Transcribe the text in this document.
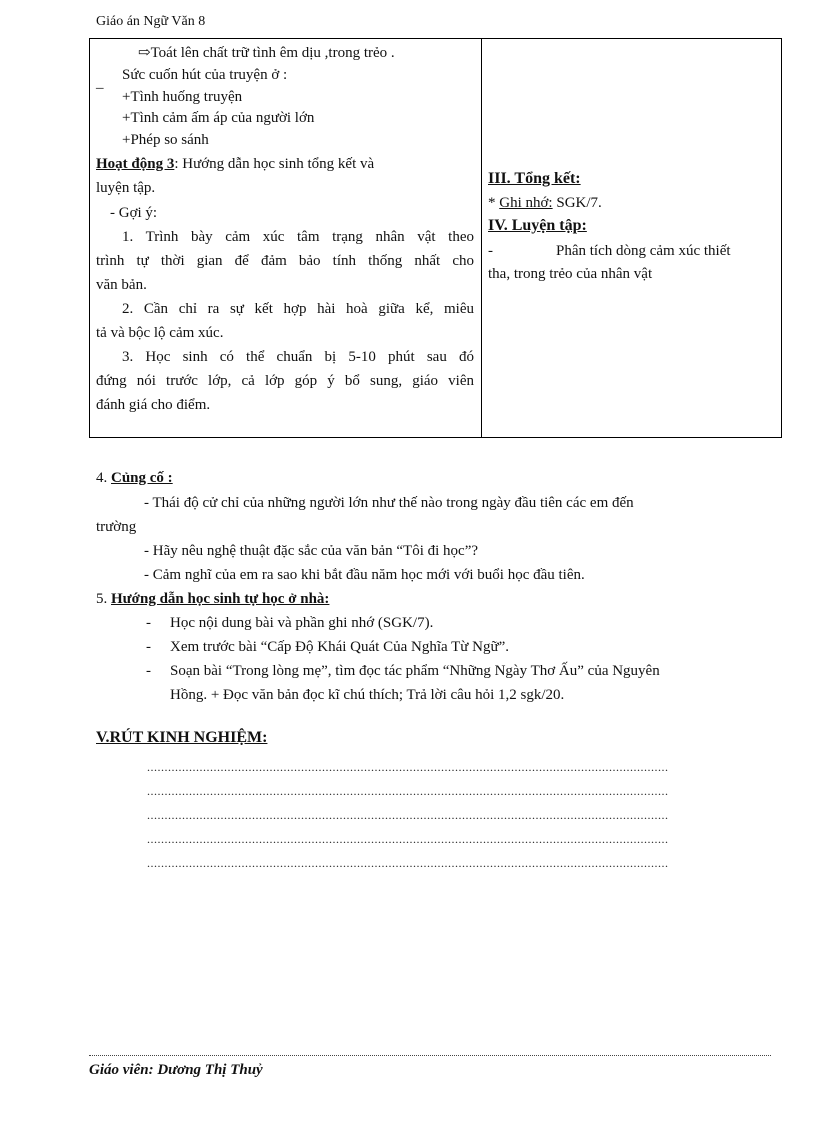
Giáo án Ngữ Văn 8
⇨Toát lên chất trữ tình êm dịu ,trong trẻo .
_ Sức cuốn hút của truyện ở :
+Tình huống truyện
+Tình cảm ấm áp của người lớn
+Phép so sánh
Hoạt động 3: Hướng dẫn học sinh tổng kết và
luyện tập.
- Gợi ý:
1. Trình bày cảm xúc tâm trạng nhân vật theo
trình tự thời gian để đảm bảo tính thống nhất cho
văn bản.
2. Cần chỉ ra sự kết hợp hài hoà giữa kể, miêu
tả và bộc lộ cảm xúc.
3. Học sinh có thể chuẩn bị 5-10 phút sau đó
đứng nói trước lớp, cả lớp góp ý bổ sung, giáo viên
đánh giá cho điểm.

III. Tổng kết:
* Ghi nhớ: SGK/7.
IV. Luyện tập:
-	Phân tích dòng cảm xúc thiết
tha, trong trẻo của nhân vật
4. Củng cố :
- Thái độ cử chỉ của những người lớn như thế nào trong ngày đầu tiên các em đến
trường
- Hãy nêu nghệ thuật đặc sắc của văn bản “Tôi đi học”?
- Cảm nghĩ của em ra sao khi bắt đầu năm học mới với buổi học đầu tiên.
5. Hướng dẫn học sinh tự học ở nhà:
- Học nội dung bài và phần ghi nhớ (SGK/7).
- Xem trước bài “Cấp Độ Khái Quát Của Nghĩa Từ Ngữ”.
- Soạn bài “Trong lòng mẹ”, tìm đọc tác phẩm “Những Ngày Thơ Ấu” của Nguyên
Hồng. + Đọc văn bản đọc kĩ chú thích; Trả lời câu hỏi 1,2 sgk/20.
V.RÚT KINH NGHIỆM:
.....................................................................................................................................................
.....................................................................................................................................................
.....................................................................................................................................................
.....................................................................................................................................................
.....................................................................................................................................................
Giáo viên: Dương Thị Thuỷ
